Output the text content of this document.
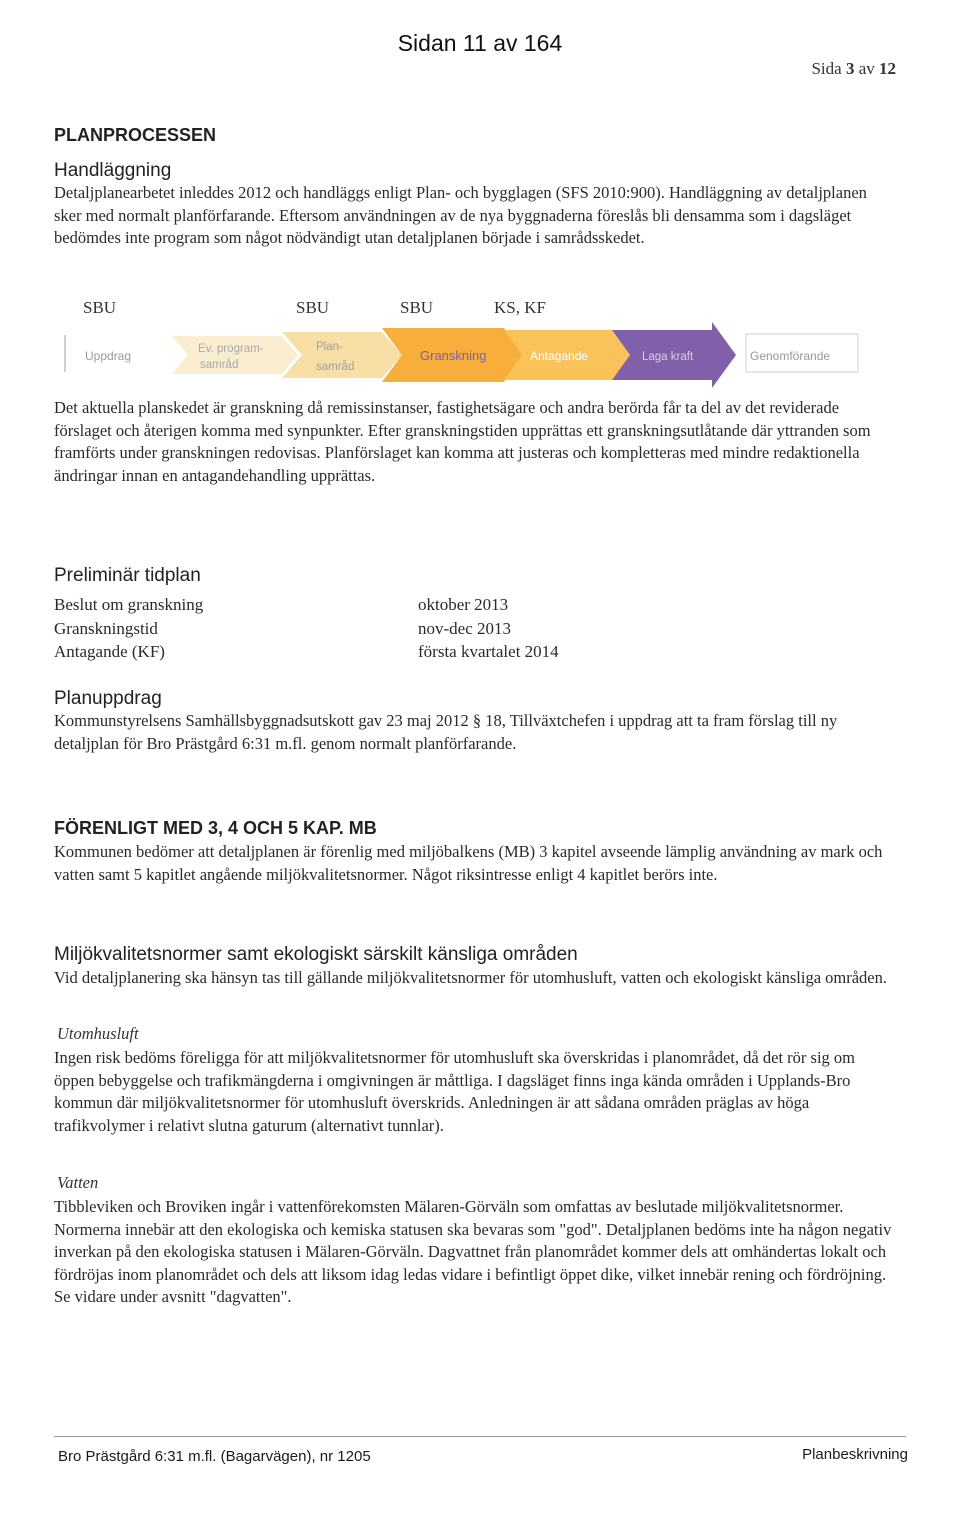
Sidan 11 av 164
Sida 3 av 12
PLANPROCESSEN
Handläggning
Detaljplanearbetet inleddes 2012 och handläggs enligt Plan- och bygglagen (SFS 2010:900). Handläggning av detaljplanen sker med normalt planförfarande. Eftersom användningen av de nya byggnaderna föreslås bli densamma som i dagsläget bedömdes inte program som något nödvändigt utan detaljplanen började i samrådsskedet.
SBU	SBU	SBU	KS, KF
Uppdrag	Ev. program-
samråd
Plan-
samråd
Granskning	Antagande	Laga kraft	Genomförande
Det aktuella planskedet är granskning då remissinstanser, fastighetsägare och andra berörda får ta del av det reviderade förslaget och återigen komma med synpunkter. Efter granskningstiden upprättas ett granskningsutlåtande där yttranden som framförts under granskningen redovisas. Planförslaget kan komma att justeras och kompletteras med mindre redaktionella ändringar innan en antagandehandling upprättas.
Preliminär tidplan
Beslut om granskning	oktober 2013
Granskningstid	nov-dec 2013
Antagande (KF)	första kvartalet 2014
Planuppdrag
Kommunstyrelsens Samhällsbyggnadsutskott gav 23 maj 2012 § 18, Tillväxtchefen i uppdrag att ta fram förslag till ny detaljplan för Bro Prästgård 6:31 m.fl. genom normalt planförfarande.
FÖRENLIGT MED 3, 4 OCH 5 KAP. MB
Kommunen bedömer att detaljplanen är förenlig med miljöbalkens (MB) 3 kapitel avseende lämplig användning av mark och vatten samt 5 kapitlet angående miljökvalitetsnormer. Något riksintresse enligt 4 kapitlet berörs inte.
Miljökvalitetsnormer samt ekologiskt särskilt känsliga områden
Vid detaljplanering ska hänsyn tas till gällande miljökvalitetsnormer för utomhusluft, vatten och ekologiskt känsliga områden.
Utomhusluft
Ingen risk bedöms föreligga för att miljökvalitetsnormer för utomhusluft ska överskridas i planområdet, då det rör sig om öppen bebyggelse och trafikmängderna i omgivningen är måttliga. I dagsläget finns inga kända områden i Upplands-Bro kommun där miljökvalitetsnormer för utomhusluft överskrids. Anledningen är att sådana områden präglas av höga trafikvolymer i relativt slutna gaturum (alternativt tunnlar).
Vatten
Tibbleviken och Broviken ingår i vattenförekomsten Mälaren-Görväln som omfattas av beslutade miljökvalitetsnormer. Normerna innebär att den ekologiska och kemiska statusen ska bevaras som "god". Detaljplanen bedöms inte ha någon negativ inverkan på den ekologiska statusen i Mälaren-Görväln. Dagvattnet från planområdet kommer dels att omhändertas lokalt och fördröjas inom planområdet och dels att liksom idag ledas vidare i befintligt öppet dike, vilket innebär rening och fördröjning. Se vidare under avsnitt "dagvatten".
Bro Prästgård 6:31 m.fl. (Bagarvägen), nr 1205	Planbeskrivning
